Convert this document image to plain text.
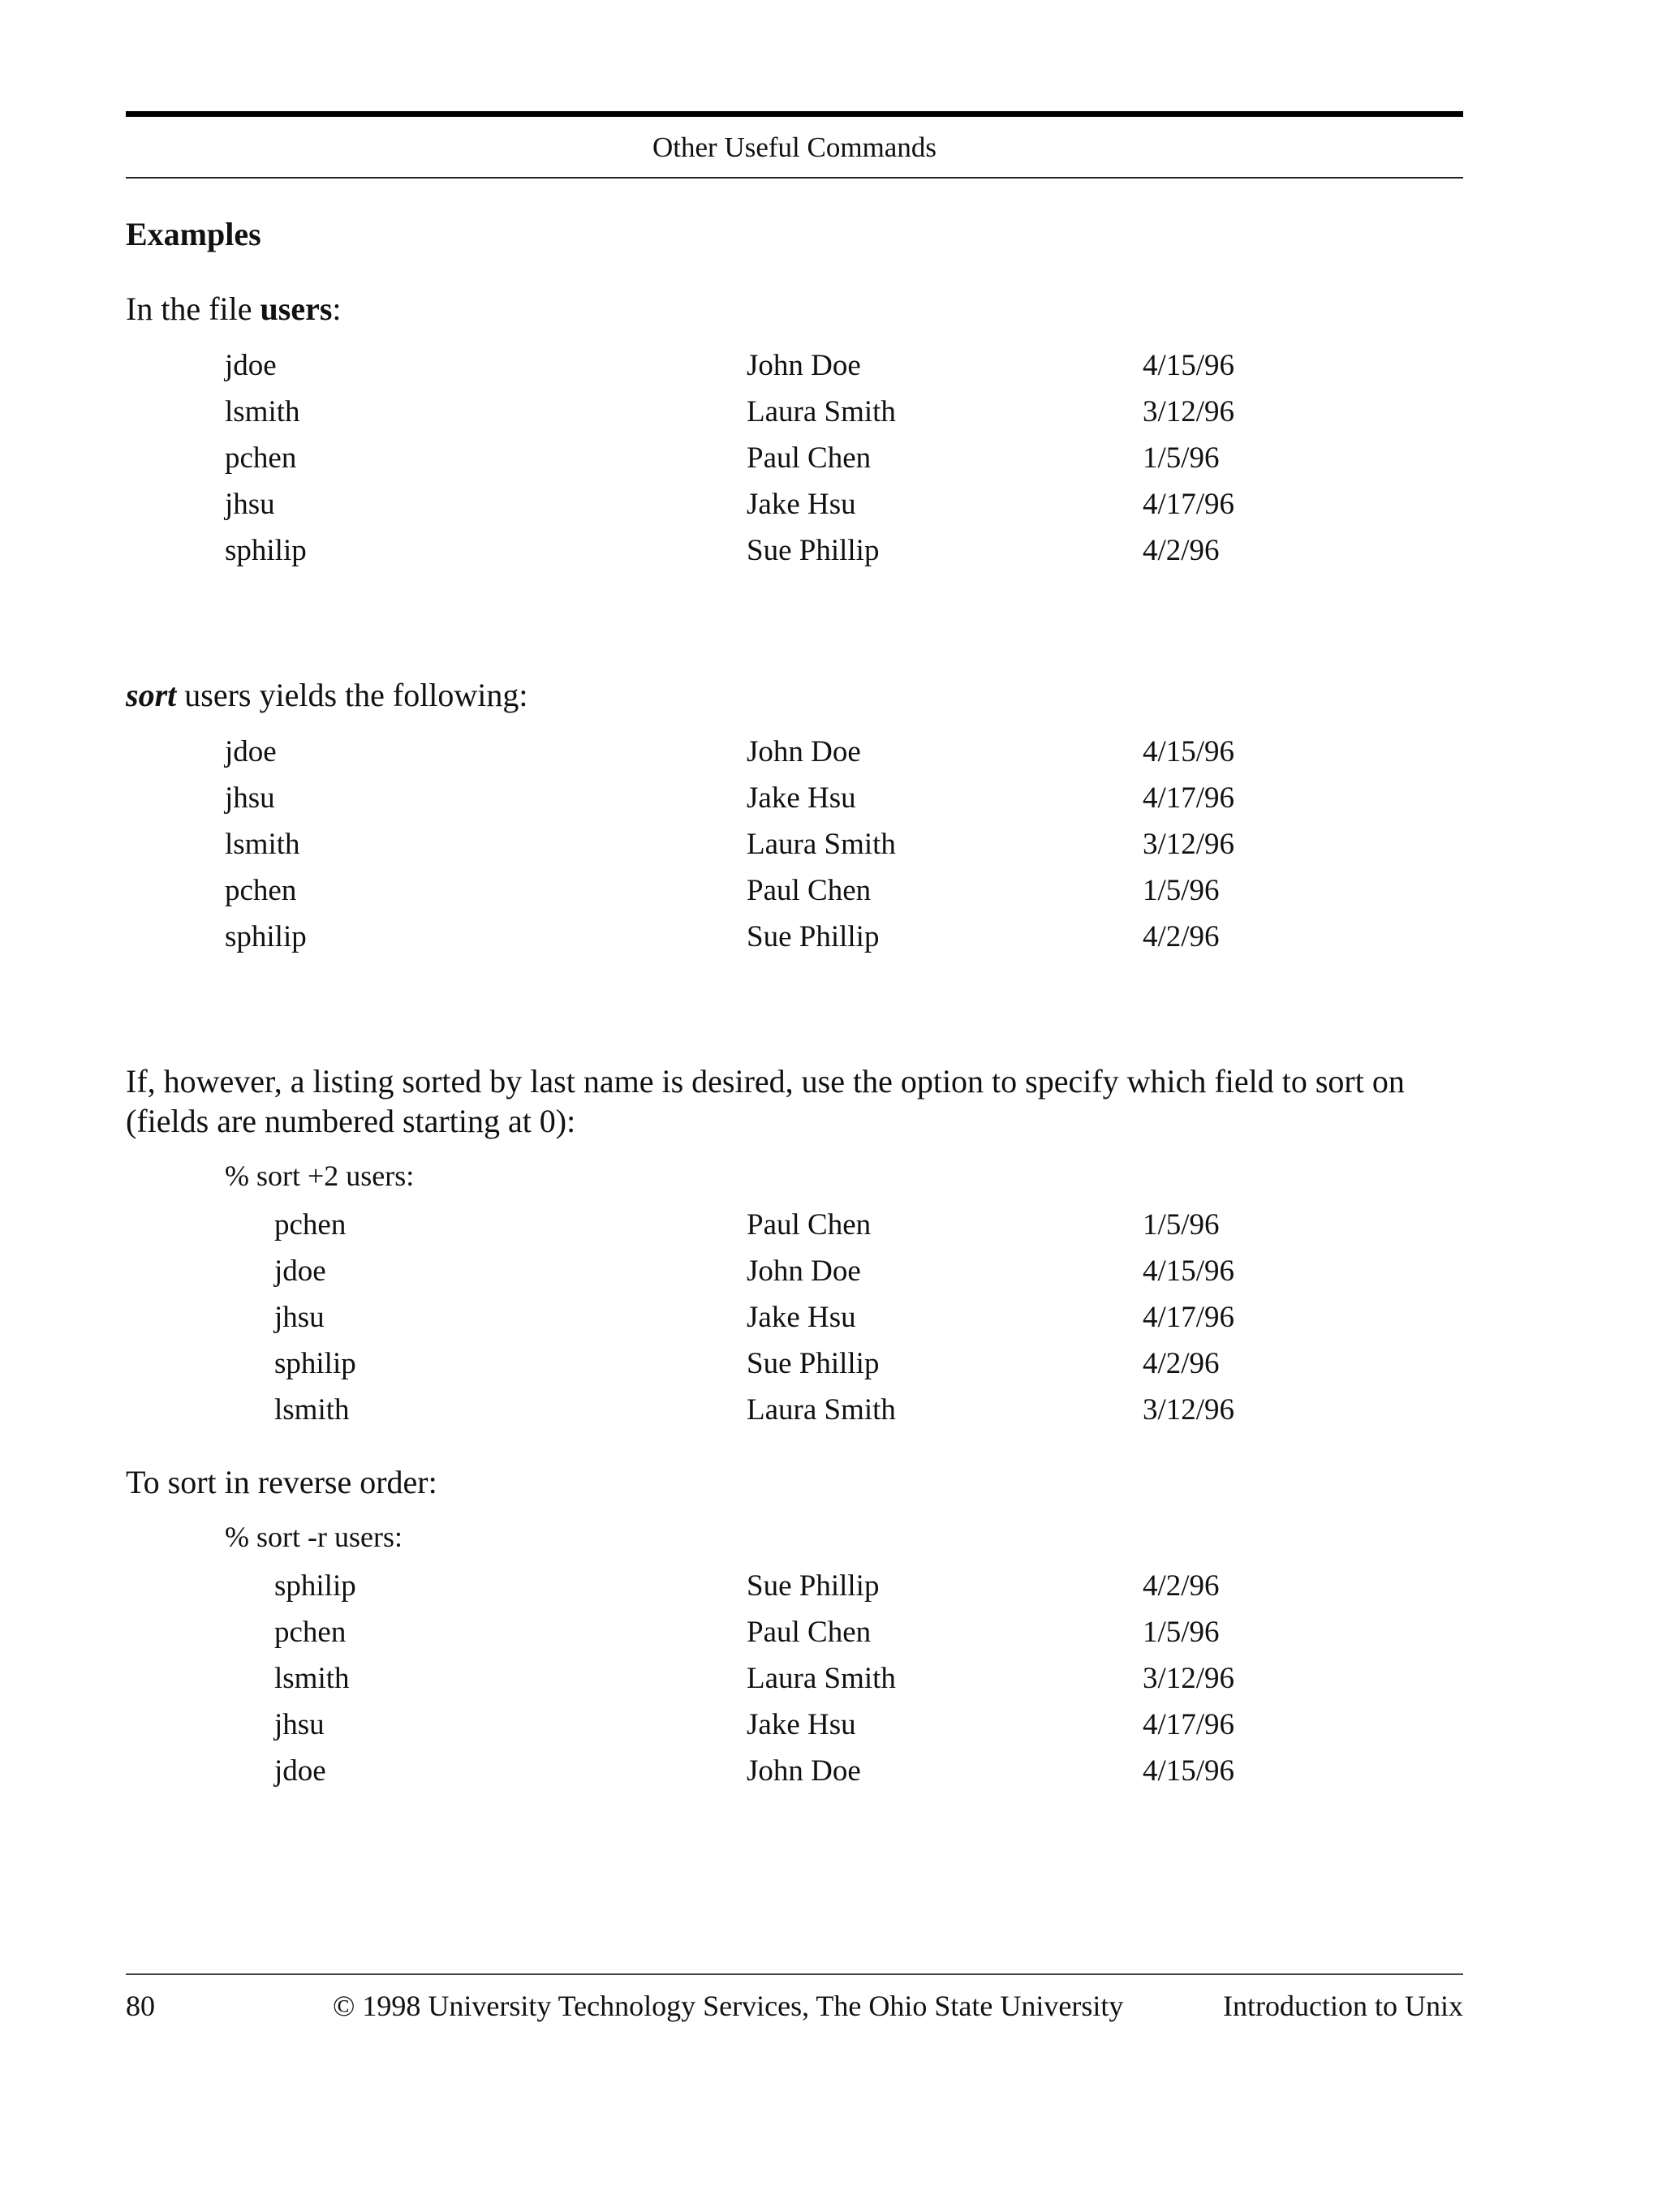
Other Useful Commands
Examples
In the file users:
jdoe	John Doe	4/15/96
lsmith	Laura Smith	3/12/96
pchen	Paul Chen	1/5/96
jhsu	Jake Hsu	4/17/96
sphilip	Sue Phillip	4/2/96
sort users yields the following:
jdoe	John Doe	4/15/96
jhsu	Jake Hsu	4/17/96
lsmith	Laura Smith	3/12/96
pchen	Paul Chen	1/5/96
sphilip	Sue Phillip	4/2/96
If, however, a listing sorted by last name is desired, use the option to specify which field to sort on
(fields are numbered starting at 0):
% sort +2 users:
pchen	Paul Chen	1/5/96
jdoe	John Doe	4/15/96
jhsu	Jake Hsu	4/17/96
sphilip	Sue Phillip	4/2/96
lsmith	Laura Smith	3/12/96
To sort in reverse order:
% sort -r users:
sphilip	Sue Phillip	4/2/96
pchen	Paul Chen	1/5/96
lsmith	Laura Smith	3/12/96
jhsu	Jake Hsu	4/17/96
jdoe	John Doe	4/15/96
80	© 1998 University Technology Services, The Ohio State University	Introduction to Unix
